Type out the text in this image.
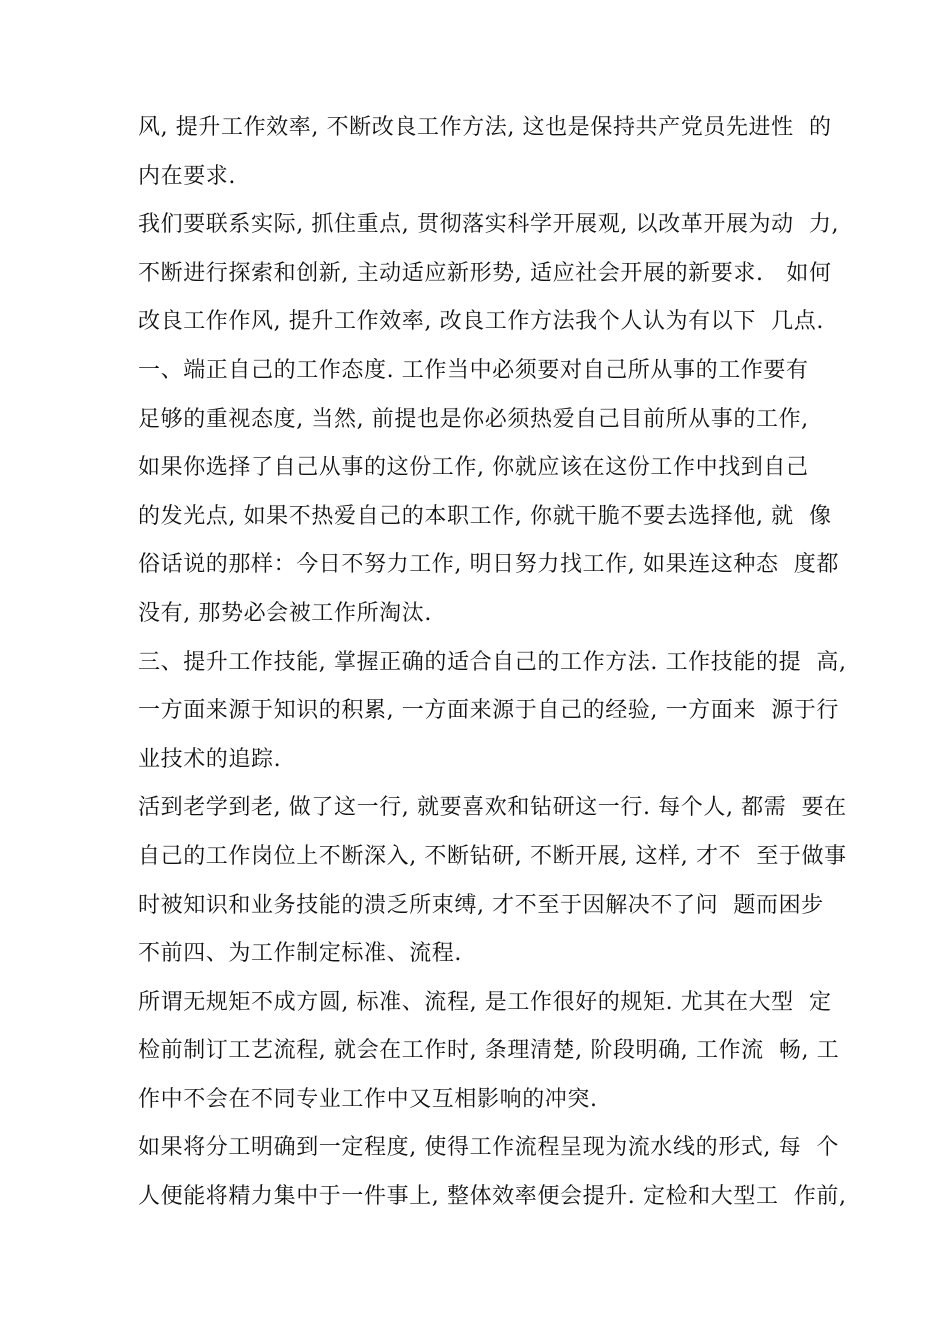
风, 提升工作效率, 不断改良工作方法, 这也是保持共产党员先进性  的
内在要求.
我们要联系实际, 抓住重点, 贯彻落实科学开展观, 以改革开展为动  力,
不断进行探索和创新, 主动适应新形势, 适应社会开展的新要求.   如何
改良工作作风, 提升工作效率, 改良工作方法我个人认为有以下  几点.
一、端正自己的工作态度. 工作当中必须要对自己所从事的工作要有
足够的重视态度, 当然, 前提也是你必须热爱自己目前所从事的工作,
如果你选择了自己从事的这份工作, 你就应该在这份工作中找到自己
的发光点, 如果不热爱自己的本职工作, 你就干脆不要去选择他, 就  像
俗话说的那样：今日不努力工作, 明日努力找工作, 如果连这种态  度都
没有, 那势必会被工作所淘汰.
三、提升工作技能, 掌握正确的适合自己的工作方法. 工作技能的提  高,
一方面来源于知识的积累, 一方面来源于自己的经验, 一方面来  源于行
业技术的追踪.
活到老学到老, 做了这一行, 就要喜欢和钻研这一行. 每个人, 都需  要在
自己的工作岗位上不断深入, 不断钻研, 不断开展, 这样, 才不  至于做事
时被知识和业务技能的溃乏所束缚, 才不至于因解决不了问  题而困步
不前四、为工作制定标准、流程.
所谓无规矩不成方圆, 标准、流程, 是工作很好的规矩. 尤其在大型  定
检前制订工艺流程, 就会在工作时, 条理清楚, 阶段明确, 工作流  畅, 工
作中不会在不同专业工作中又互相影响的冲突.
如果将分工明确到一定程度, 使得工作流程呈现为流水线的形式, 每  个
人便能将精力集中于一件事上, 整体效率便会提升. 定检和大型工  作前,
